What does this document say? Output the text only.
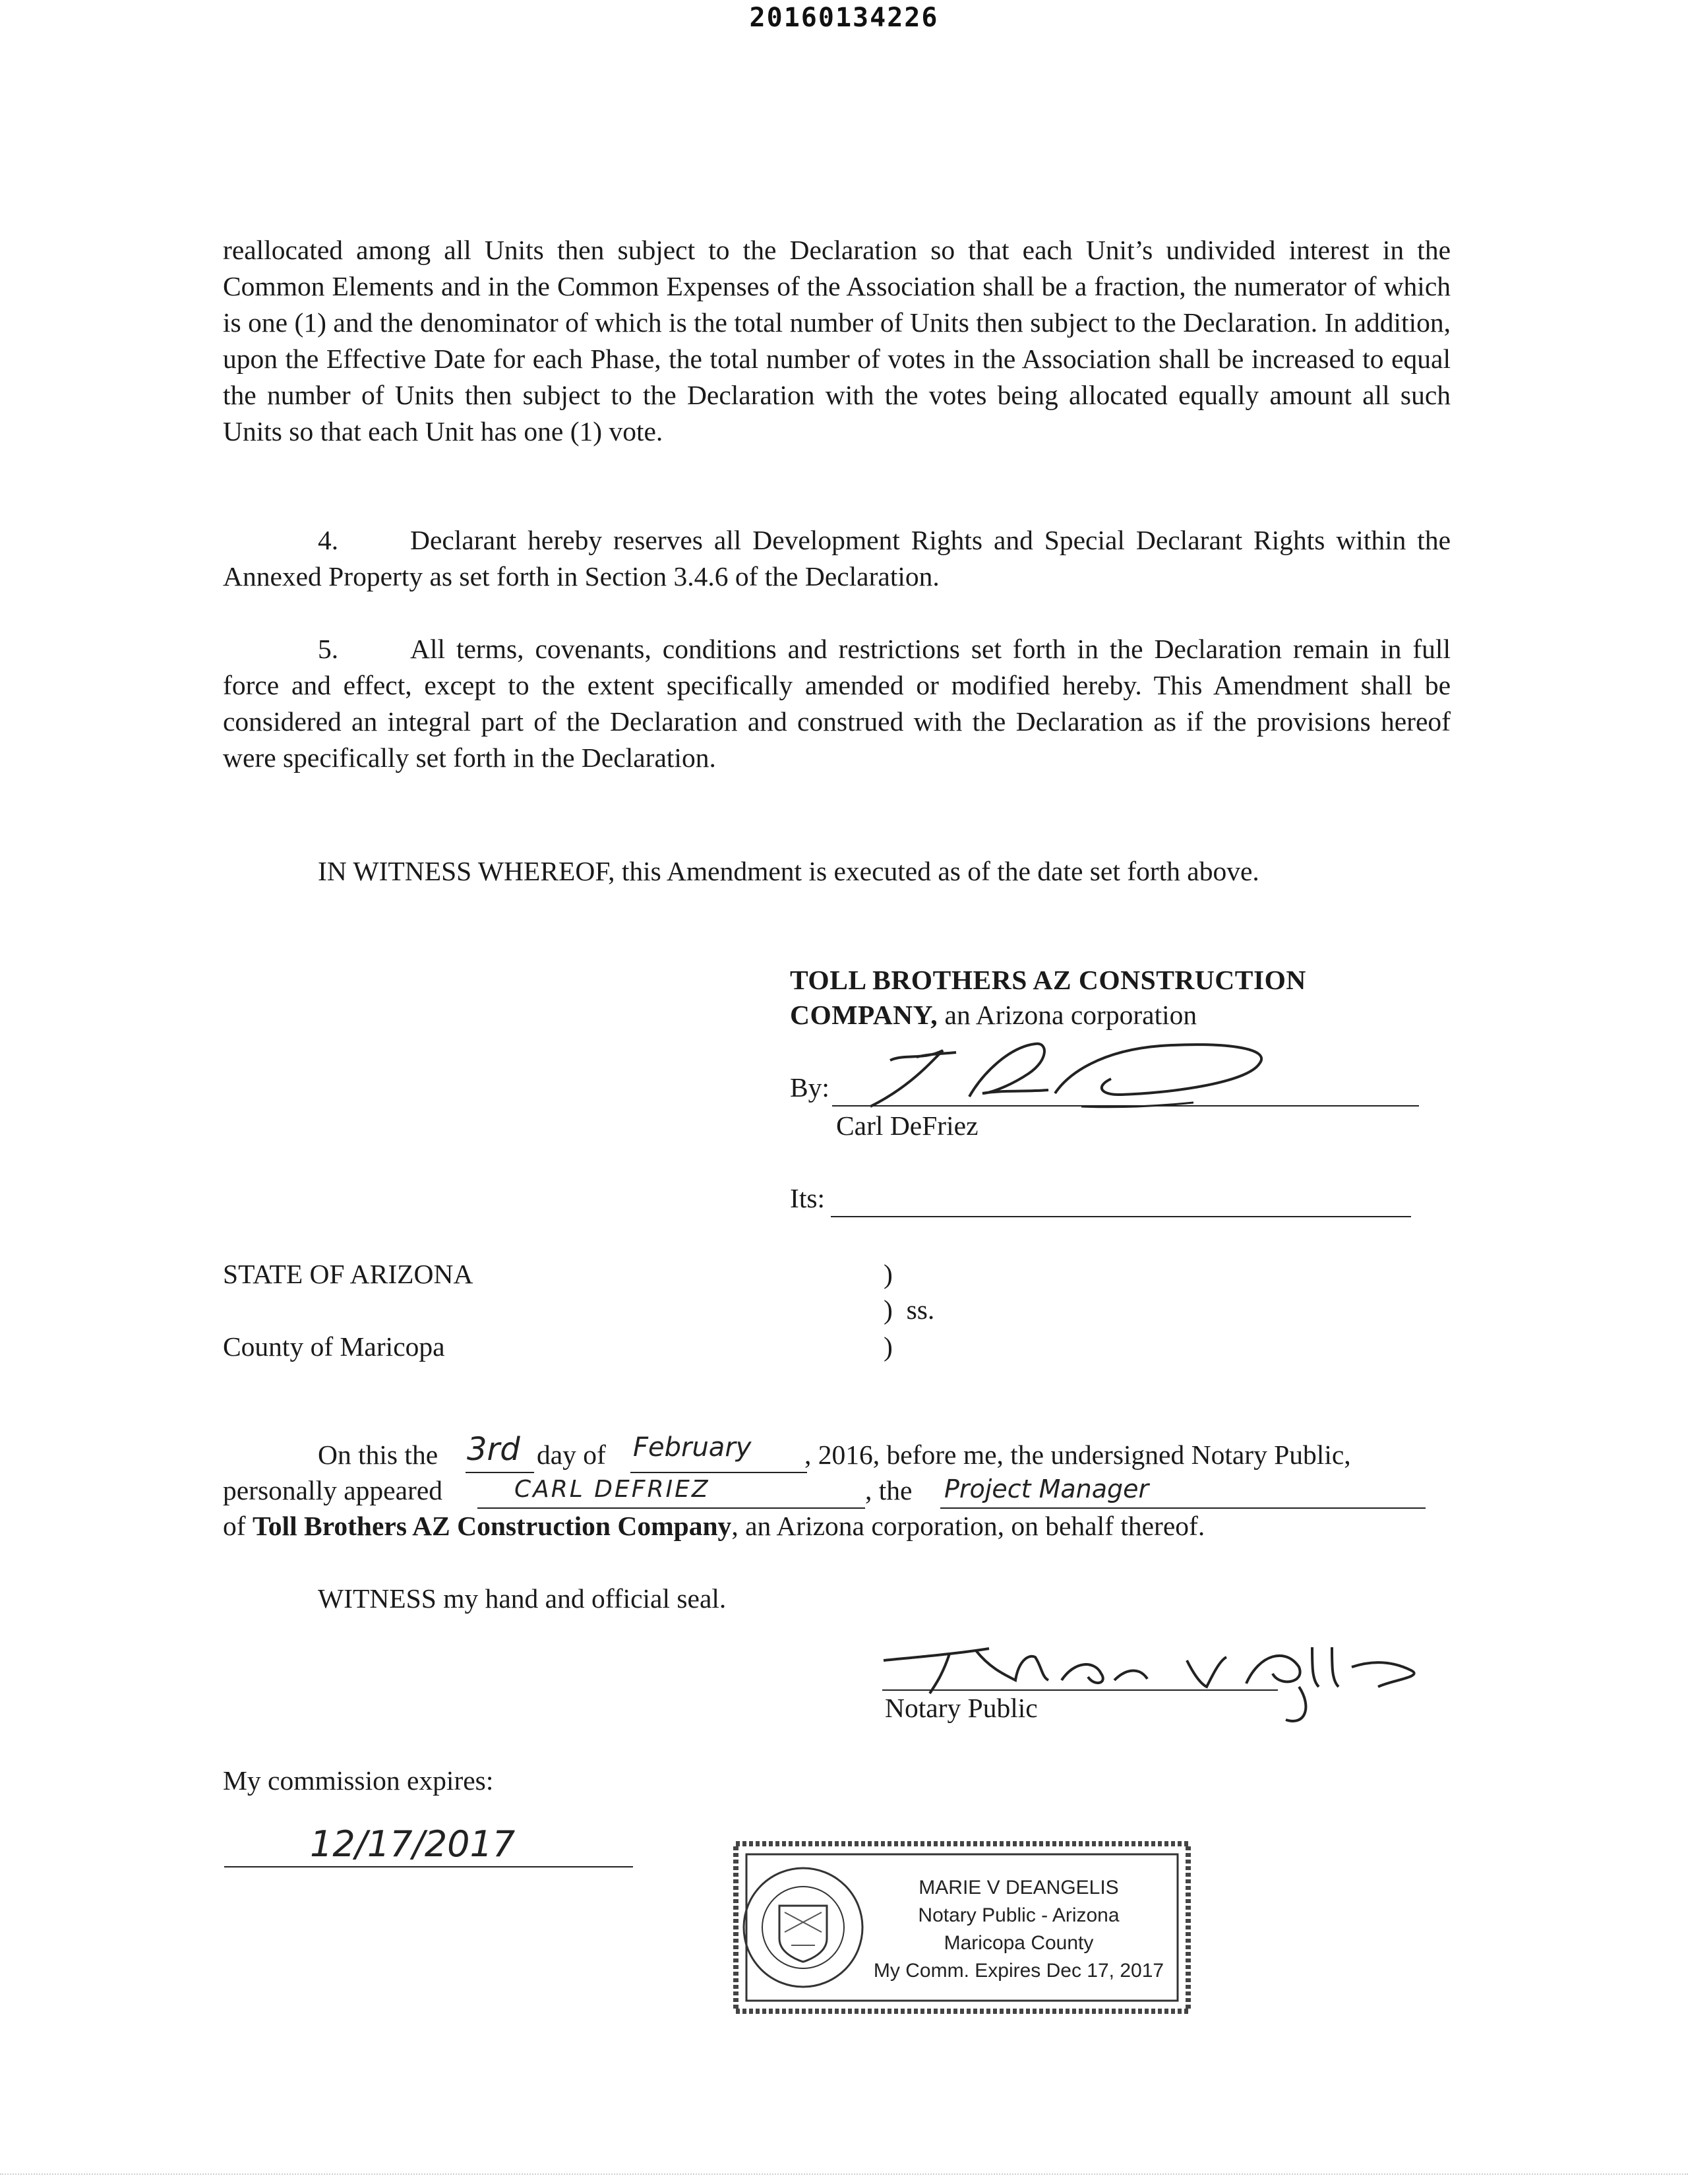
20160134226
reallocated among all Units then subject to the Declaration so that each Unit’s undivided interest in the Common Elements and in the Common Expenses of the Association shall be a fraction, the numerator of which is one (1) and the denominator of which is the total number of Units then subject to the Declaration. In addition, upon the Effective Date for each Phase, the total number of votes in the Association shall be increased to equal the number of Units then subject to the Declaration with the votes being allocated equally amount all such Units so that each Unit has one (1) vote.
4.	Declarant hereby reserves all Development Rights and Special Declarant Rights within the Annexed Property as set forth in Section 3.4.6 of the Declaration.
5.	All terms, covenants, conditions and restrictions set forth in the Declaration remain in full force and effect, except to the extent specifically amended or modified hereby. This Amendment shall be considered an integral part of the Declaration and construed with the Declaration as if the provisions hereof were specifically set forth in the Declaration.
IN WITNESS WHEREOF, this Amendment is executed as of the date set forth above.
TOLL BROTHERS AZ CONSTRUCTION
COMPANY, an Arizona corporation
By:
Carl DeFriez
Its:
STATE OF ARIZONA	)
)  ss.
County of Maricopa	)
On this the 3rd day of February , 2016, before me, the undersigned Notary Public,
personally appeared	CARL DEFRIEZ	, the Project Manager
of Toll Brothers AZ Construction Company, an Arizona corporation, on behalf thereof.
WITNESS my hand and official seal.
Notary Public
My commission expires:
12/17/2017
MARIE V DEANGELIS
Notary Public - Arizona
Maricopa County
My Comm. Expires Dec 17, 2017
